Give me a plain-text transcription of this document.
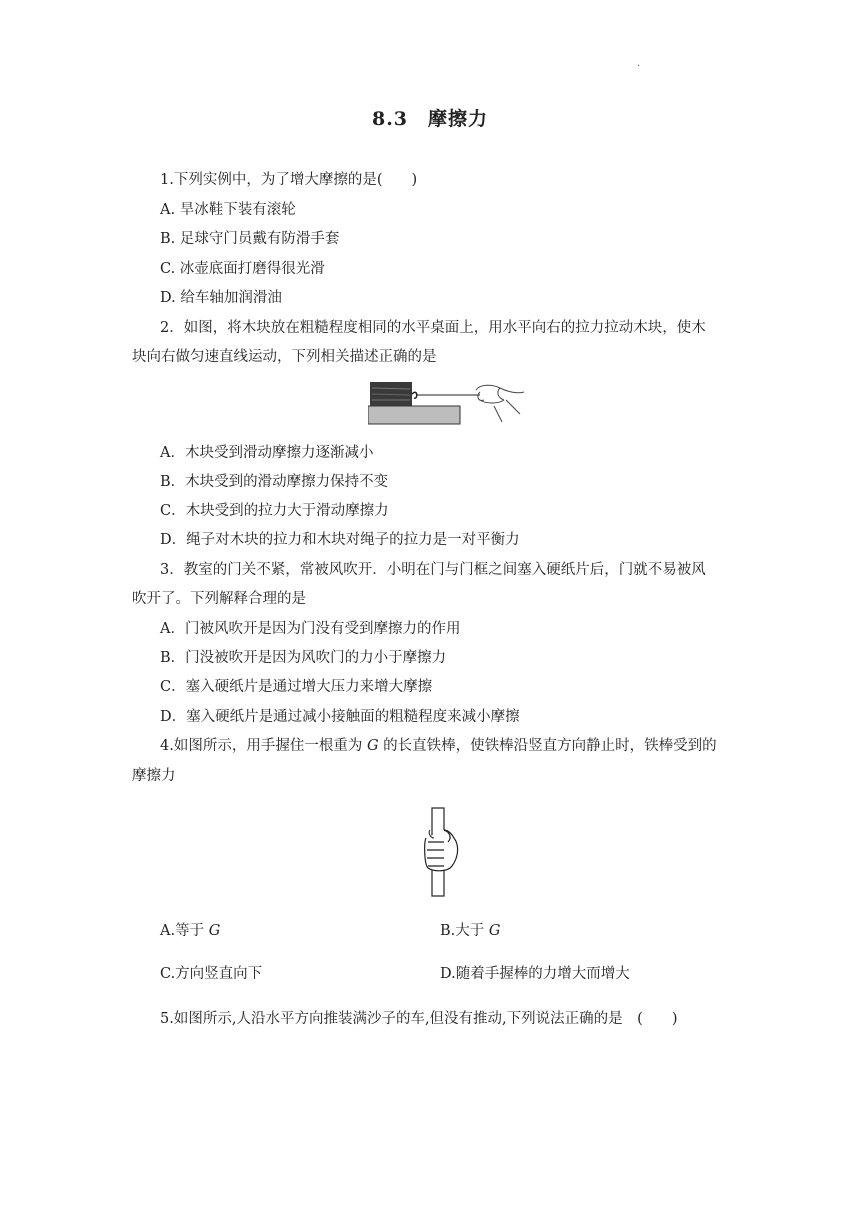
.
8.3　摩擦力
1.下列实例中，为了增大摩擦的是(　　)
A. 旱冰鞋下装有滚轮
B. 足球守门员戴有防滑手套
C. 冰壶底面打磨得很光滑
D. 给车轴加润滑油
2．如图，将木块放在粗糙程度相同的水平桌面上，用水平向右的拉力拉动木块，使木
块向右做匀速直线运动，下列相关描述正确的是
A．木块受到滑动摩擦力逐渐减小
B．木块受到的滑动摩擦力保持不变
C．木块受到的拉力大于滑动摩擦力
D．绳子对木块的拉力和木块对绳子的拉力是一对平衡力
3．教室的门关不紧，常被风吹开．小明在门与门框之间塞入硬纸片后，门就不易被风
吹开了。下列解释合理的是
A．门被风吹开是因为门没有受到摩擦力的作用
B．门没被吹开是因为风吹门的力小于摩擦力
C．塞入硬纸片是通过增大压力来增大摩擦
D．塞入硬纸片是通过减小接触面的粗糙程度来减小摩擦
4.如图所示，用手握住一根重为 G 的长直铁棒，使铁棒沿竖直方向静止时，铁棒受到的
摩擦力
A.等于 G	B.大于 G
C.方向竖直向下	D.随着手握棒的力增大而增大
5.如图所示,人沿水平方向推装满沙子的车,但没有推动,下列说法正确的是　(　　)
